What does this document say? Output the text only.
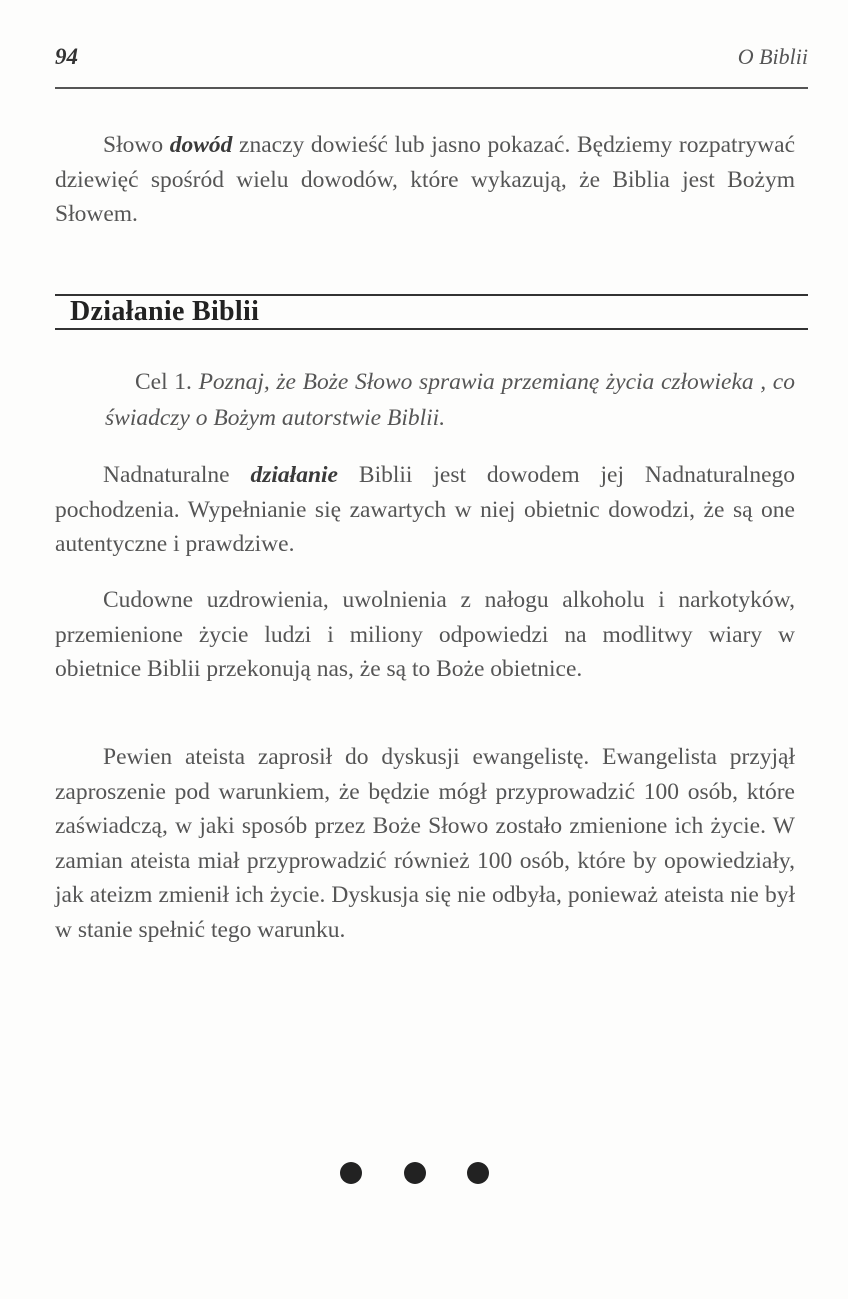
94	O Biblii

Słowo dowód znaczy dowieść lub jasno pokazać. Będziemy rozpatrywać dziewięć spośród wielu dowodów, które wykazują, że Biblia jest Bożym Słowem.

Działanie Biblii

Cel 1. Poznaj, że Boże Słowo sprawia przemianę życia człowieka , co świadczy o Bożym autorstwie Biblii.

Nadnaturalne działanie Biblii jest dowodem jej Nadnaturalnego pochodzenia. Wypełnianie się zawartych w niej obietnic dowodzi, że są one autentyczne i prawdziwe.

Cudowne uzdrowienia, uwolnienia z nałogu alkoholu i narkotyków, przemienione życie ludzi i miliony odpowiedzi na modlitwy wiary w obietnice Biblii przekonują nas, że są to Boże obietnice.

Pewien ateista zaprosił do dyskusji ewangelistę. Ewangelista przyjął zaproszenie pod warunkiem, że będzie mógł przyprowadzić 100 osób, które zaświadczą, w jaki sposób przez Boże Słowo zostało zmienione ich życie. W zamian ateista miał przyprowadzić również 100 osób, które by opowiedziały, jak ateizm zmienił ich życie. Dyskusja się nie odbyła, ponieważ ateista nie był w stanie spełnić tego warunku.
